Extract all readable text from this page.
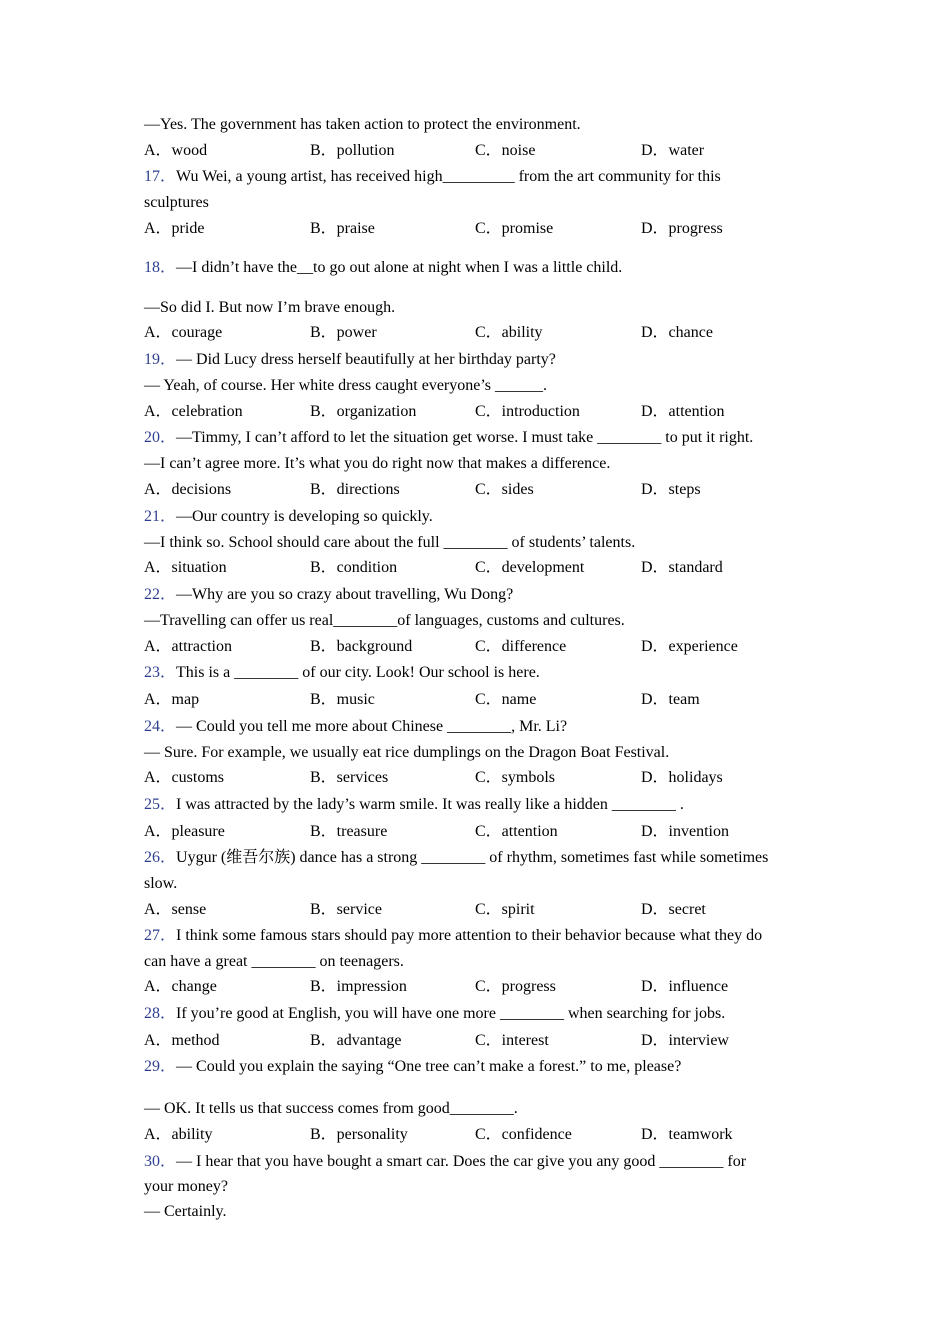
—Yes. The government has taken action to protect the environment.
A．wood	B．pollution	C．noise	D．water
17．Wu Wei, a young artist, has received high_________ from the art community for this
sculptures
A．pride	B．praise	C．promise	D．progress
18．—I didn’t have the__to go out alone at night when I was a little child.
—So did I. But now I’m brave enough.
A．courage	B．power	C．ability	D．chance
19．— Did Lucy dress herself beautifully at her birthday party?
— Yeah, of course. Her white dress caught everyone’s ______.
A．celebration	B．organization	C．introduction	D．attention
20．—Timmy, I can’t afford to let the situation get worse. I must take ________ to put it right.
—I can’t agree more. It’s what you do right now that makes a difference.
A．decisions	B．directions	C．sides	D．steps
21．—Our country is developing so quickly.
—I think so. School should care about the full ________ of students’ talents.
A．situation	B．condition	C．development	D．standard
22．—Why are you so crazy about travelling, Wu Dong?
—Travelling can offer us real________of languages, customs and cultures.
A．attraction	B．background	C．difference	D．experience
23．This is a ________ of our city. Look! Our school is here.
A．map	B．music	C．name	D．team
24．— Could you tell me more about Chinese ________, Mr. Li?
— Sure. For example, we usually eat rice dumplings on the Dragon Boat Festival.
A．customs	B．services	C．symbols	D．holidays
25．I was attracted by the lady’s warm smile. It was really like a hidden ________ .
A．pleasure	B．treasure	C．attention	D．invention
26．Uygur (维吾尔族) dance has a strong ________ of rhythm, sometimes fast while sometimes
slow.
A．sense	B．service	C．spirit	D．secret
27．I think some famous stars should pay more attention to their behavior because what they do
can have a great ________ on teenagers.
A．change	B．impression	C．progress	D．influence
28．If you’re good at English, you will have one more ________ when searching for jobs.
A．method	B．advantage	C．interest	D．interview
29．— Could you explain the saying “One tree can’t make a forest.” to me, please?
— OK. It tells us that success comes from good________.
A．ability	B．personality	C．confidence	D．teamwork
30．— I hear that you have bought a smart car. Does the car give you any good ________ for
your money?
— Certainly.
